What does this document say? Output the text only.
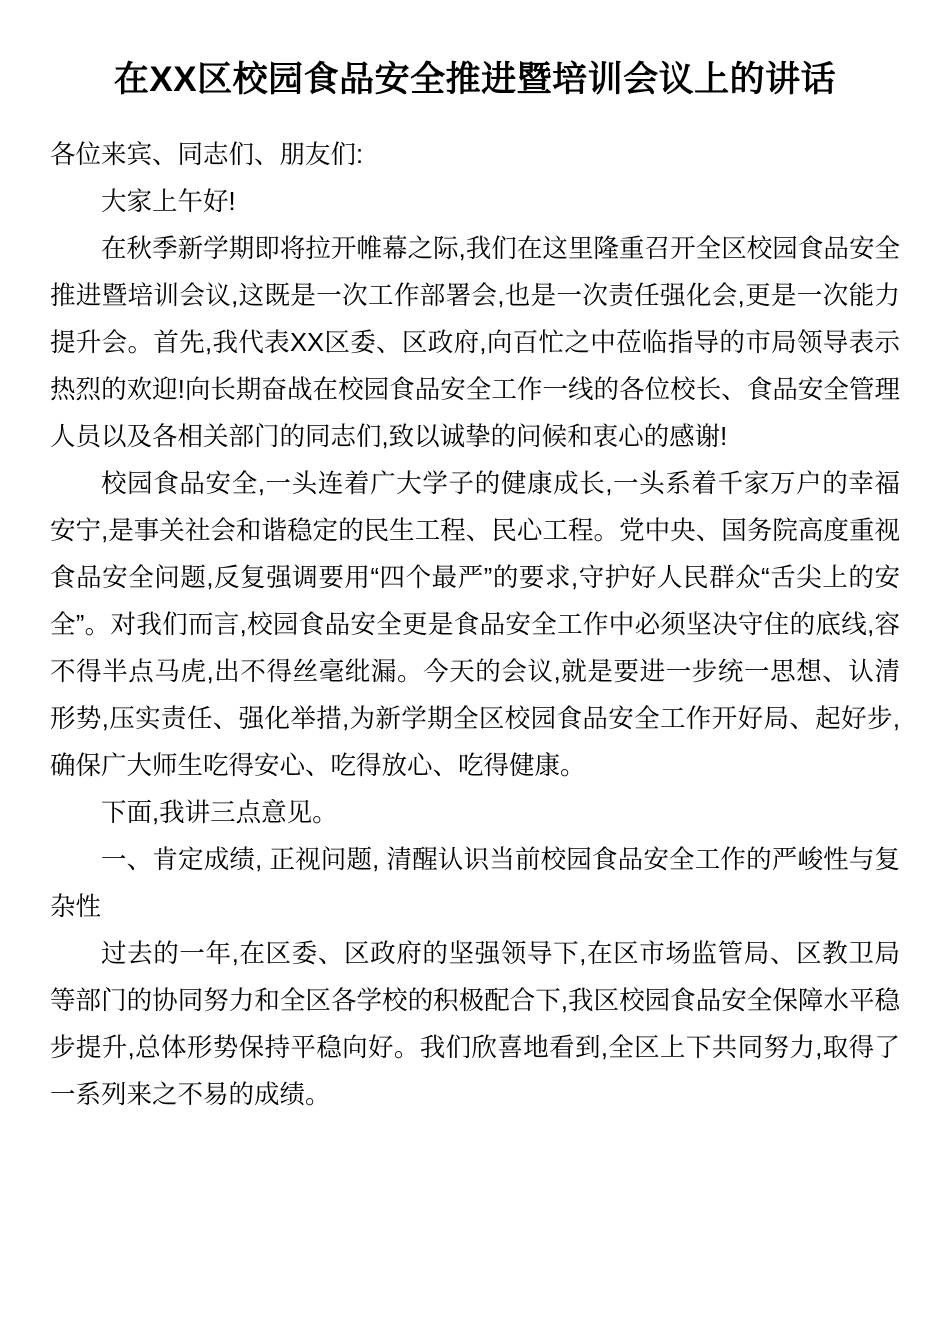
在XX区校园食品安全推进暨培训会议上的讲话

各位来宾、同志们、朋友们:

大家上午好!

在秋季新学期即将拉开帷幕之际,我们在这里隆重召开全区校园食品安全推进暨培训会议,这既是一次工作部署会,也是一次责任强化会,更是一次能力提升会。首先,我代表XX区委、区政府,向百忙之中莅临指导的市局领导表示热烈的欢迎!向长期奋战在校园食品安全工作一线的各位校长、食品安全管理人员以及各相关部门的同志们,致以诚挚的问候和衷心的感谢!

校园食品安全,一头连着广大学子的健康成长,一头系着千家万户的幸福安宁,是事关社会和谐稳定的民生工程、民心工程。党中央、国务院高度重视食品安全问题,反复强调要用“四个最严”的要求,守护好人民群众“舌尖上的安全”。对我们而言,校园食品安全更是食品安全工作中必须坚决守住的底线,容不得半点马虎,出不得丝毫纰漏。今天的会议,就是要进一步统一思想、认清形势,压实责任、强化举措,为新学期全区校园食品安全工作开好局、起好步,确保广大师生吃得安心、吃得放心、吃得健康。

下面,我讲三点意见。

一、肯定成绩, 正视问题, 清醒认识当前校园食品安全工作的严峻性与复杂性

过去的一年,在区委、区政府的坚强领导下,在区市场监管局、区教卫局等部门的协同努力和全区各学校的积极配合下,我区校园食品安全保障水平稳步提升,总体形势保持平稳向好。我们欣喜地看到,全区上下共同努力,取得了一系列来之不易的成绩。
